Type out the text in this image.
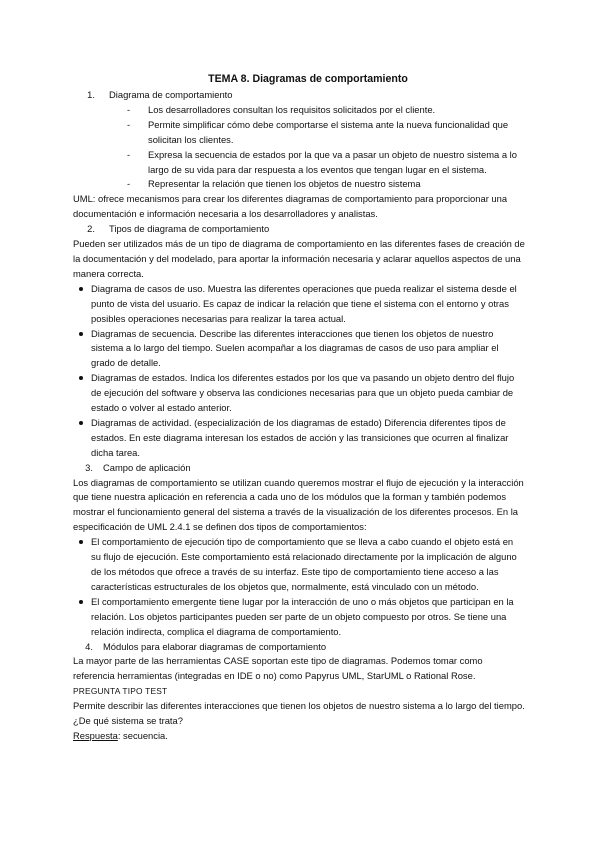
TEMA 8. Diagramas de comportamiento
1.	Diagrama de comportamiento
- Los desarrolladores consultan los requisitos solicitados por el cliente.
- Permite simplificar cómo debe comportarse el sistema ante la nueva funcionalidad que solicitan los clientes.
- Expresa la secuencia de estados por la que va a pasar un objeto de nuestro sistema a lo largo de su vida para dar respuesta a los eventos que tengan lugar en el sistema.
- Representar la relación que tienen los objetos de nuestro sistema

UML: ofrece mecanismos para crear los diferentes diagramas de comportamiento para proporcionar una documentación e información necesaria a los desarrolladores y analistas.

2.	Tipos de diagrama de comportamiento

Pueden ser utilizados más de un tipo de diagrama de comportamiento en las diferentes fases de creación de la documentación y del modelado, para aportar la información necesaria y aclarar aquellos aspectos de una manera correcta.

Diagrama de casos de uso. Muestra las diferentes operaciones que pueda realizar el sistema desde el punto de vista del usuario. Es capaz de indicar la relación que tiene el sistema con el entorno y otras posibles operaciones necesarias para realizar la tarea actual.
Diagramas de secuencia. Describe las diferentes interacciones que tienen los objetos de nuestro sistema a lo largo del tiempo. Suelen acompañar a los diagramas de casos de uso para ampliar el grado de detalle.
Diagramas de estados. Indica los diferentes estados por los que va pasando un objeto dentro del flujo de ejecución del software y observa las condiciones necesarias para que un objeto pueda cambiar de estado o volver al estado anterior.
Diagramas de actividad. (especialización de los diagramas de estado) Diferencia diferentes tipos de estados. En este diagrama interesan los estados de acción y las transiciones que ocurren al finalizar dicha tarea.
3.	Campo de aplicación

Los diagramas de comportamiento se utilizan cuando queremos mostrar el flujo de ejecución y la interacción que tiene nuestra aplicación en referencia a cada uno de los módulos que la forman y también podemos mostrar el funcionamiento general del sistema a través de la visualización de los diferentes procesos. En la especificación de UML 2.4.1 se definen dos tipos de comportamientos:

El comportamiento de ejecución tipo de comportamiento que se lleva a cabo cuando el objeto está en su flujo de ejecución. Este comportamiento está relacionado directamente por la implicación de alguno de los métodos que ofrece a través de su interfaz. Este tipo de comportamiento tiene acceso a las características estructurales de los objetos que, normalmente, está vinculado con un método.
El comportamiento emergente tiene lugar por la interacción de uno o más objetos que participan en la relación. Los objetos participantes pueden ser parte de un objeto compuesto por otros. Se tiene una relación indirecta, complica el diagrama de comportamiento.
4.	Módulos para elaborar diagramas de comportamiento

La mayor parte de las herramientas CASE soportan este tipo de diagramas. Podemos tomar como referencia herramientas (integradas en IDE o no) como Papyrus UML, StarUML o Rational Rose.

PREGUNTA TIPO TEST

Permite describir las diferentes interacciones que tienen los objetos de nuestro sistema a lo largo del tiempo. ¿De qué sistema se trata?

Respuesta: secuencia.
